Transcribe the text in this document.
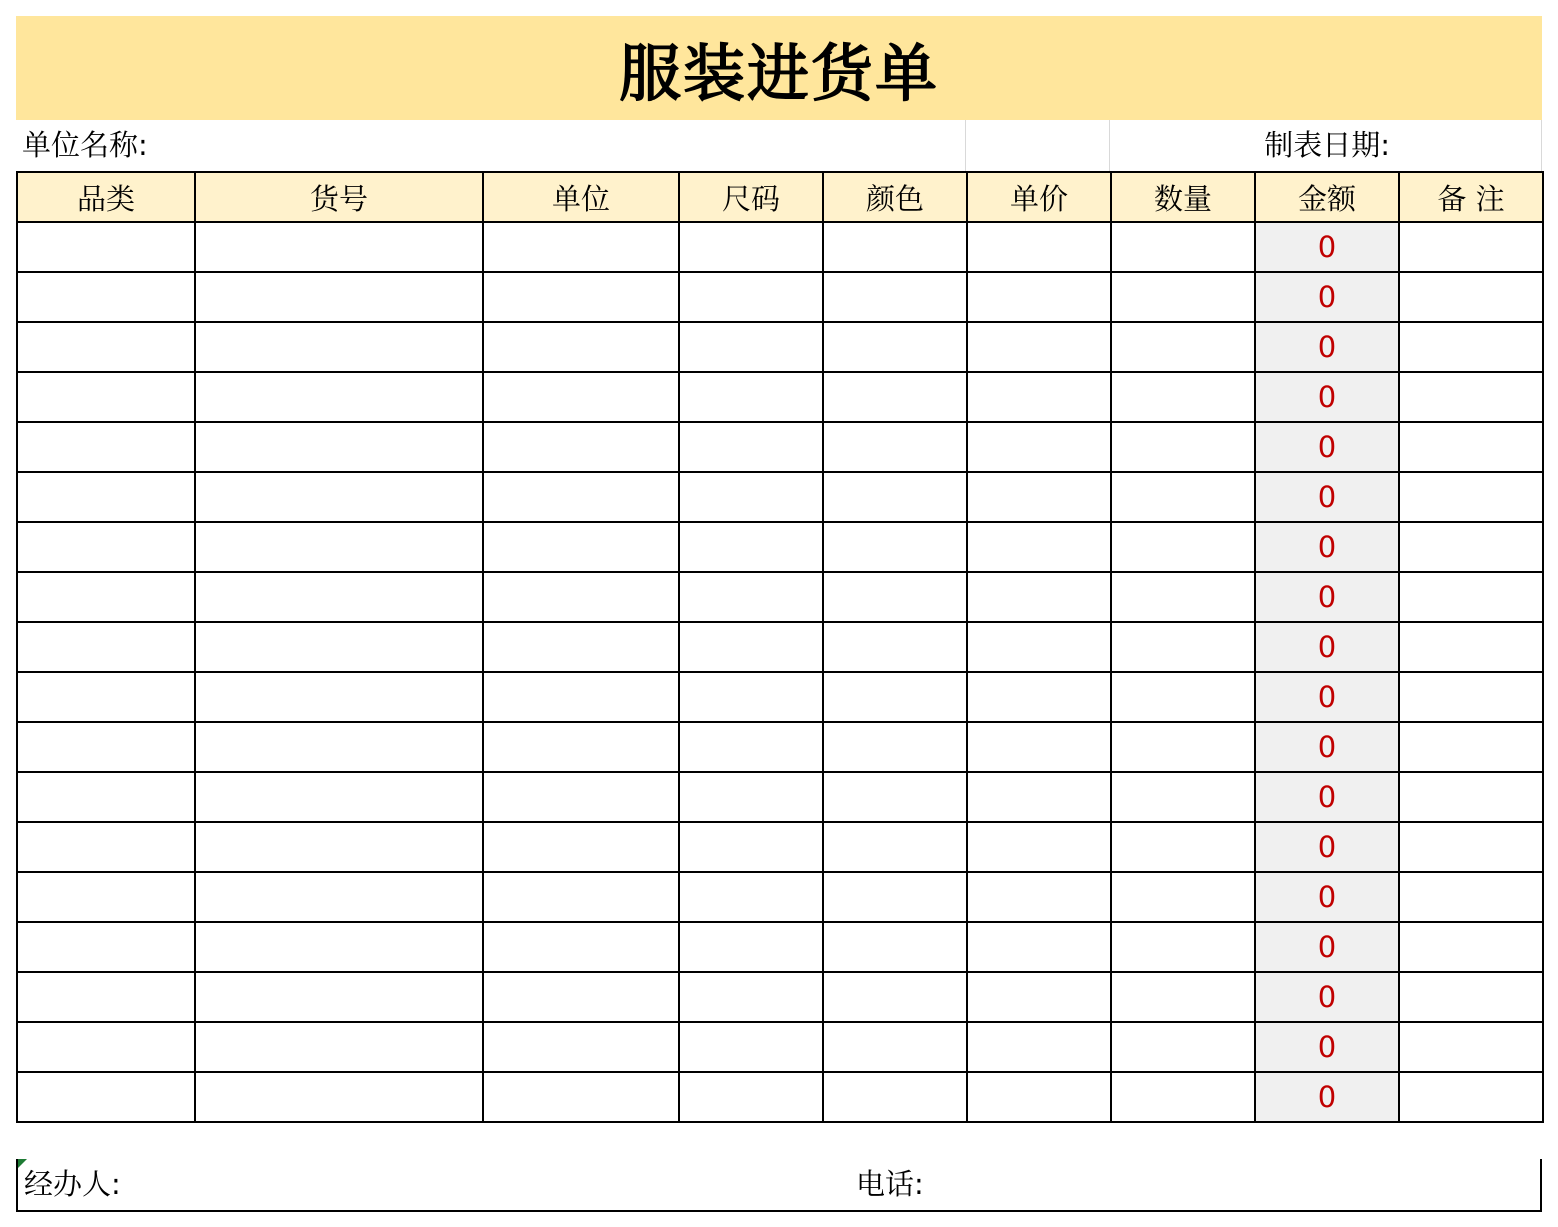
服装进货单
单位名称:	制表日期:
品类	货号	单位	尺码	颜色	单价	数量	金额	备 注
							0	
							0	
							0	
							0	
							0	
							0	
							0	
							0	
							0	
							0	
							0	
							0	
							0	
							0	
							0	
							0	
							0	
							0	
经办人:	电话:
